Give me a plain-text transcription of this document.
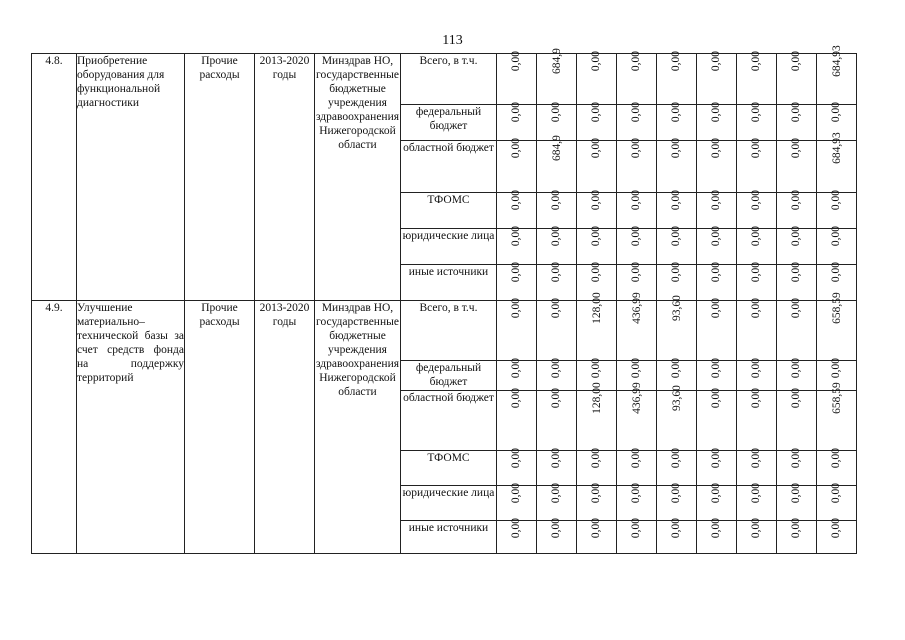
113
4.8.	Приобретение оборудования для функциональной диагностики	Прочие расходы	2013-2020 годы	Минздрав НО, государственные бюджетные учреждения здравоохранения Нижегородской области	Всего, в т.ч.	0,00	684,9	0,00	0,00	0,00	0,00	0,00	0,00	684,93
					федеральный бюджет	0,00	0,00	0,00	0,00	0,00	0,00	0,00	0,00	0,00
					областной бюджет	0,00	684,9	0,00	0,00	0,00	0,00	0,00	0,00	684,93
					ТФОМС	0,00	0,00	0,00	0,00	0,00	0,00	0,00	0,00	0,00
					юридические лица	0,00	0,00	0,00	0,00	0,00	0,00	0,00	0,00	0,00
					иные источники	0,00	0,00	0,00	0,00	0,00	0,00	0,00	0,00	0,00
4.9.	Улучшение материально–технической базы за счет средств фонда на поддержку территорий	Прочие расходы	2013-2020 годы	Минздрав НО, государственные бюджетные учреждения здравоохранения Нижегородской области	Всего, в т.ч.	0,00	0,00	128,00	436,99	93,60	0,00	0,00	0,00	658,59
					федеральный бюджет	0,00	0,00	0,00	0,00	0,00	0,00	0,00	0,00	0,00
					областной бюджет	0,00	0,00	128,00	436,99	93,60	0,00	0,00	0,00	658,59
					ТФОМС	0,00	0,00	0,00	0,00	0,00	0,00	0,00	0,00	0,00
					юридические лица	0,00	0,00	0,00	0,00	0,00	0,00	0,00	0,00	0,00
					иные источники	0,00	0,00	0,00	0,00	0,00	0,00	0,00	0,00	0,00
